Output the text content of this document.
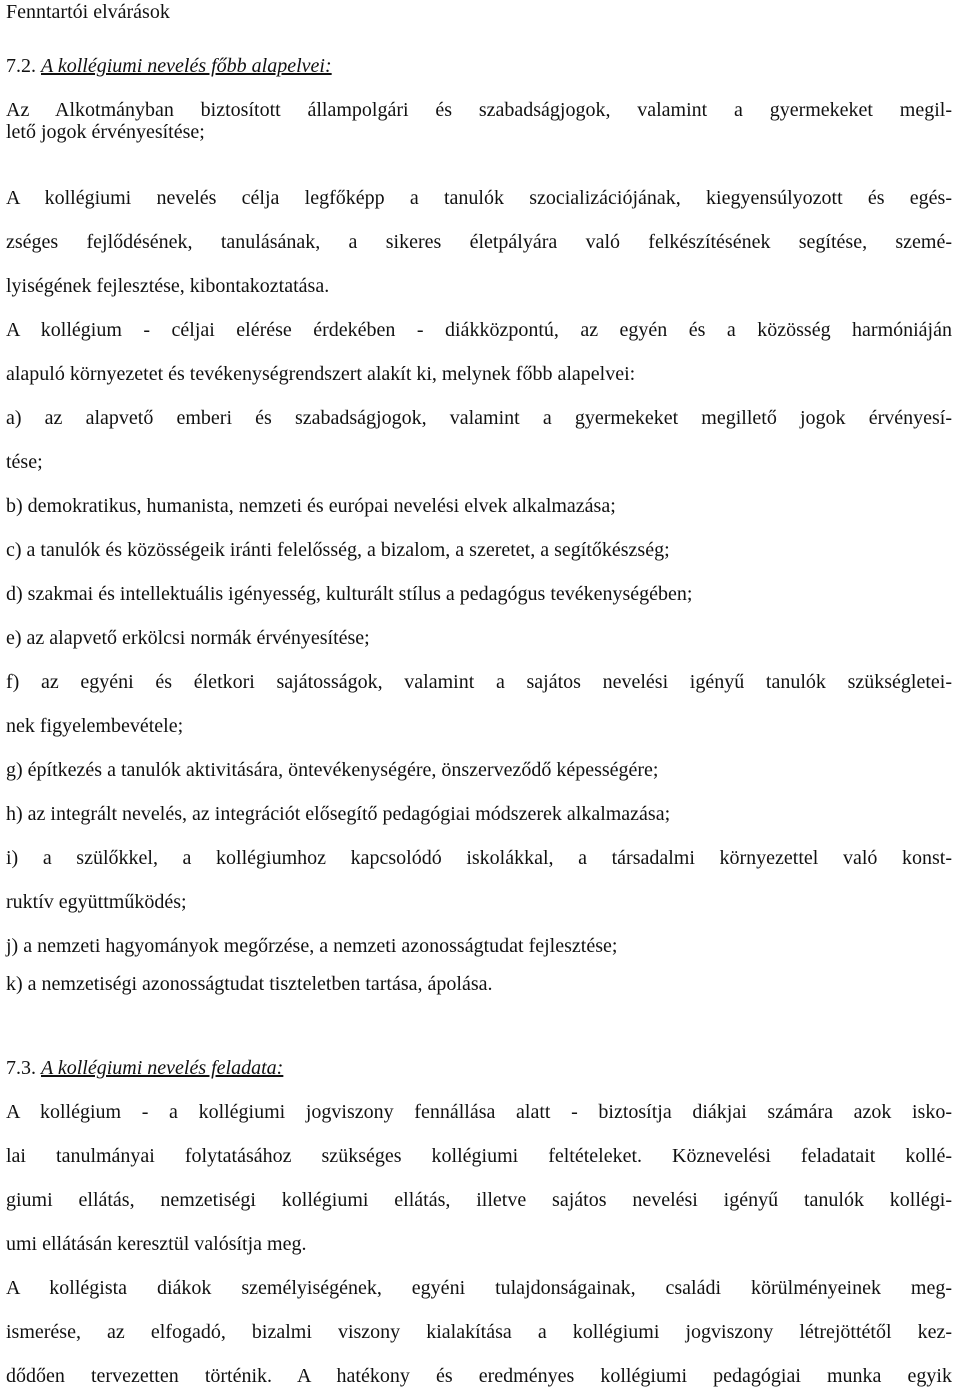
Fenntartói elvárások
7.2. A kollégiumi nevelés főbb alapelvei:
Az Alkotmányban biztosított állampolgári és szabadságjogok, valamint a gyermekeket megil-
lető jogok érvényesítése;
A kollégiumi nevelés célja legfőképp a tanulók szocializációjának, kiegyensúlyozott és egés-
zséges fejlődésének, tanulásának, a sikeres életpályára való felkészítésének segítése, szemé-
lyiségének fejlesztése, kibontakoztatása.
A kollégium - céljai elérése érdekében - diákközpontú, az egyén és a közösség harmóniáján
alapuló környezetet és tevékenységrendszert alakít ki, melynek főbb alapelvei:
a) az alapvető emberi és szabadságjogok, valamint a gyermekeket megillető jogok érvényesí-
tése;
b) demokratikus, humanista, nemzeti és európai nevelési elvek alkalmazása;
c) a tanulók és közösségeik iránti felelősség, a bizalom, a szeretet, a segítőkészség;
d) szakmai és intellektuális igényesség, kulturált stílus a pedagógus tevékenységében;
e) az alapvető erkölcsi normák érvényesítése;
f) az egyéni és életkori sajátosságok, valamint a sajátos nevelési igényű tanulók szükségletei-
nek figyelembevétele;
g) építkezés a tanulók aktivitására, öntevékenységére, önszerveződő képességére;
h) az integrált nevelés, az integrációt elősegítő pedagógiai módszerek alkalmazása;
i) a szülőkkel, a kollégiumhoz kapcsolódó iskolákkal, a társadalmi környezettel való konst-
ruktív együttműködés;
j) a nemzeti hagyományok megőrzése, a nemzeti azonosságtudat fejlesztése;
k) a nemzetiségi azonosságtudat tiszteletben tartása, ápolása.
7.3. A kollégiumi nevelés feladata:
A kollégium - a kollégiumi jogviszony fennállása alatt - biztosítja diákjai számára azok isko-
lai tanulmányai folytatásához szükséges kollégiumi feltételeket. Köznevelési feladatait kollé-
giumi ellátás, nemzetiségi kollégiumi ellátás, illetve sajátos nevelési igényű tanulók kollégi-
umi ellátásán keresztül valósítja meg.
A kollégista diákok személyiségének, egyéni tulajdonságainak, családi körülményeinek meg-
ismerése, az elfogadó, bizalmi viszony kialakítása a kollégiumi jogviszony létrejöttétől kez-
dődően tervezetten történik. A hatékony és eredményes kollégiumi pedagógiai munka egyik
